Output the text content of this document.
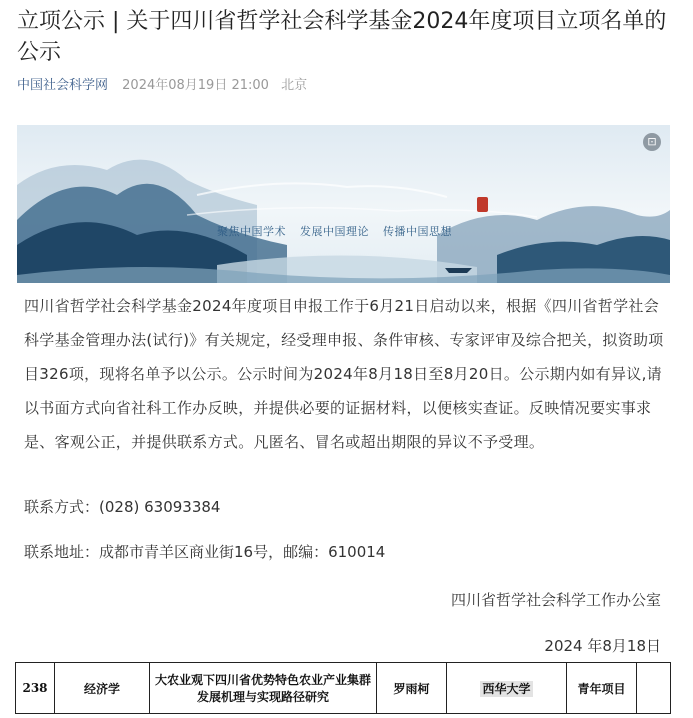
立项公示 | 关于四川省哲学社会科学基金2024年度项目立项名单的公示
中国社会科学网 2024年08月19日 21:00 北京
聚焦中国学术 发展中国理论 传播中国思想
⊡

四川省哲学社会科学基金2024年度项目申报工作于6月21日启动以来，根据《四川省哲学社会科学基金管理办法(试行)》有关规定，经受理申报、条件审核、专家评审及综合把关，拟资助项目326项，现将名单予以公示。公示时间为2024年8月18日至8月20日。公示期内如有异议,请以书面方式向省社科工作办反映，并提供必要的证据材料，以便核实查证。反映情况要实事求是、客观公正，并提供联系方式。凡匿名、冒名或超出期限的异议不予受理。

联系方式：(028) 63093384
联系地址：成都市青羊区商业街16号，邮编：610014
四川省哲学社会科学工作办公室
2024 年8月18日
238	经济学	大农业观下四川省优势特色农业产业集群发展机理与实现路径研究	罗雨柯	西华大学	青年项目	
